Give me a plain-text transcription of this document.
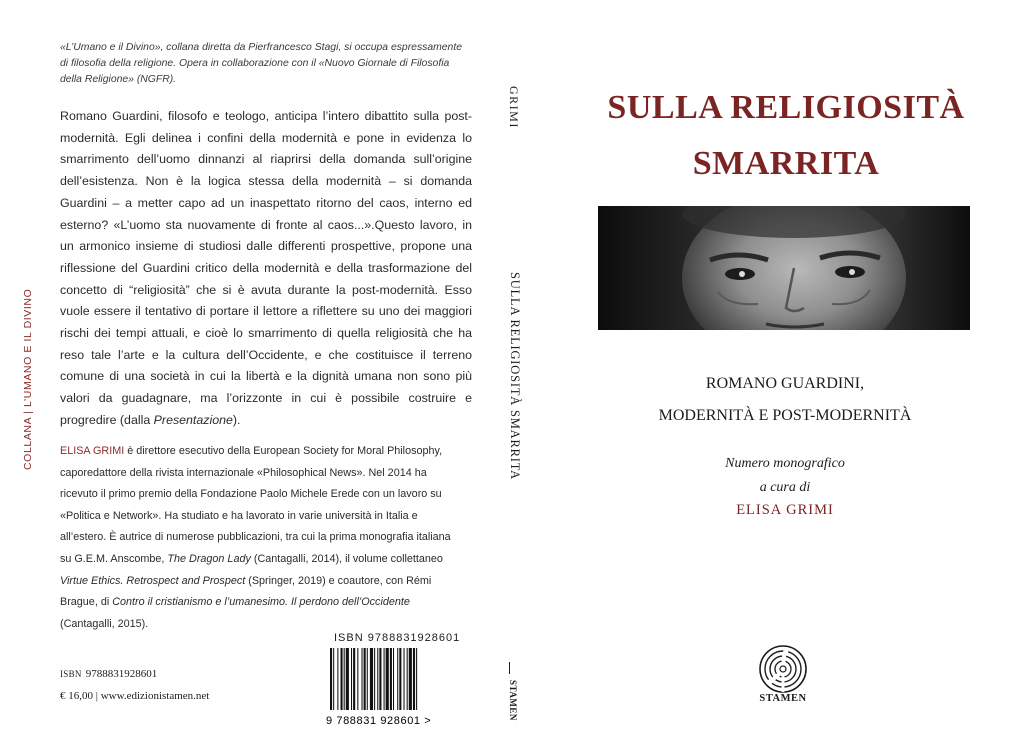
COLLANA | L’UMANO E IL DIVINO

«L’Umano e il Divino», collana diretta da Pierfrancesco Stagi, si occupa espressamente di filosofia della religione. Opera in collaborazione con il «Nuovo Giornale di Filosofia della Religione» (NGFR).

Romano Guardini, filosofo e teologo, anticipa l’intero dibattito sulla post-modernità. Egli delinea i confini della modernità e pone in evidenza lo smarrimento dell’uomo dinnanzi al riaprirsi della domanda sull’origine dell’esistenza. Non è la logica stessa della modernità – si domanda Guardini – a metter capo ad un inaspettato ritorno del caos, interno ed esterno? «L’uomo sta nuovamente di fronte al caos...».Questo lavoro, in un armonico insieme di studiosi dalle differenti prospettive, propone una riflessione del Guardini critico della modernità e della trasformazione del concetto di “religiosità” che si è avuta durante la post-modernità. Esso vuole essere il tentativo di portare il lettore a riflettere su uno dei maggiori rischi dei tempi attuali, e cioè lo smarrimento di quella religiosità che ha reso tale l’arte e la cultura dell’Occidente, e che costituisce il terreno comune di una società in cui la libertà e la dignità umana non sono più valori da guadagnare, ma l’orizzonte in cui è possibile costruire e progredire (dalla Presentazione).

ELISA GRIMI è direttore esecutivo della European Society for Moral Philosophy, caporedattore della rivista internazionale «Philosophical News». Nel 2014 ha ricevuto il primo premio della Fondazione Paolo Michele Erede con un lavoro su «Politica e Network». Ha studiato e ha lavorato in varie università in Italia e all’estero. È autrice di numerose pubblicazioni, tra cui la prima monografia italiana su G.E.M. Anscombe, The Dragon Lady (Cantagalli, 2014), il volume collettaneo Virtue Ethics. Retrospect and Prospect (Springer, 2019) e coautore, con Rémi Brague, di Contro il cristianismo e l’umanesimo. Il perdono dell’Occidente (Cantagalli, 2015).

ISBN 9788831928601
€ 16,00 | www.edizionistamen.net
ISBN 9788831928601
9 788831 928601 >
GRIMI
SULLA RELIGIOSITÀ SMARRITA
STAMEN
SULLA RELIGIOSITÀ
SMARRITA
ROMANO GUARDINI,
MODERNITÀ E POST-MODERNITÀ
Numero monografico
a cura di
ELISA GRIMI
STAMEN
